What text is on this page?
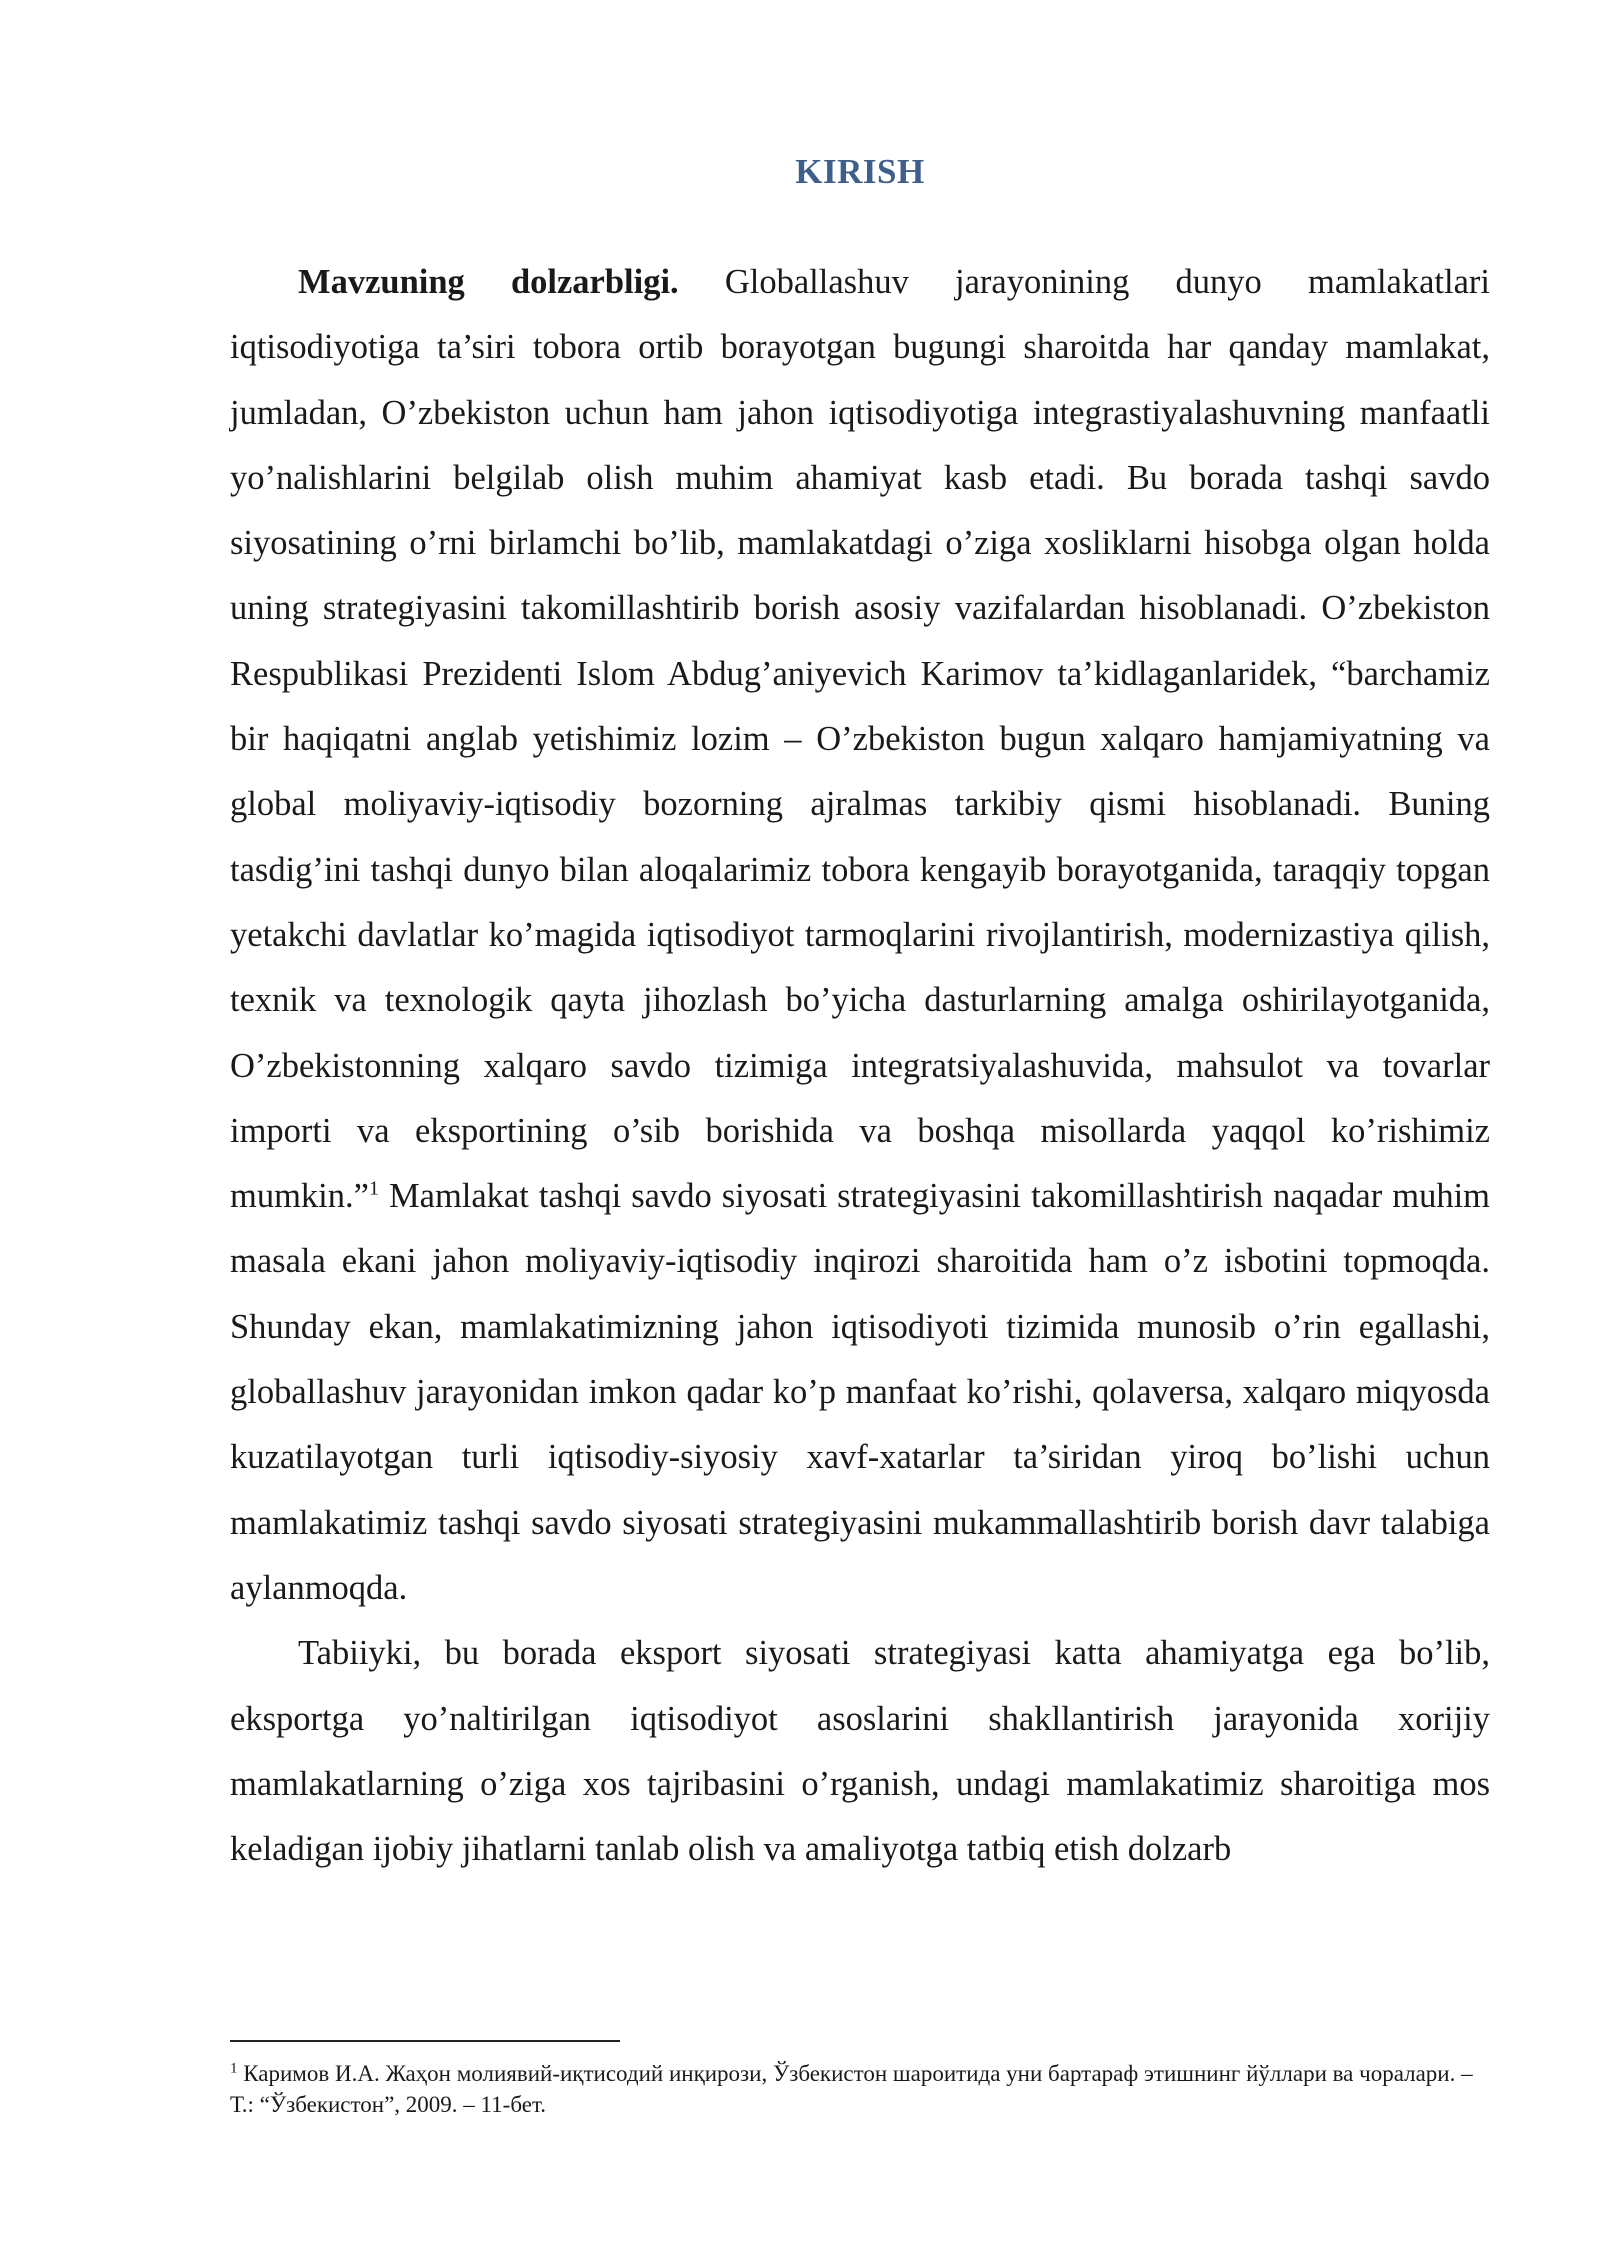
KIRISH

Mavzuning dolzarbligi. Globallashuv jarayonining dunyo mamlakatlari iqtisodiyotiga ta’siri tobora ortib borayotgan bugungi sharoitda har qanday mamlakat, jumladan, O’zbekiston uchun ham jahon iqtisodiyotiga integrastiyalashuvning manfaatli yo’nalishlarini belgilab olish muhim ahamiyat kasb etadi. Bu borada tashqi savdo siyosatining o’rni birlamchi bo’lib, mamlakatdagi o’ziga xosliklarni hisobga olgan holda uning strategiyasini takomillashtirib borish asosiy vazifalardan hisoblanadi. O’zbekiston Respublikasi Prezidenti Islom Abdug’aniyevich Karimov ta’kidlaganlaridek, “barchamiz bir haqiqatni anglab yetishimiz lozim – O’zbekiston bugun xalqaro hamjamiyatning va global moliyaviy-iqtisodiy bozorning ajralmas tarkibiy qismi hisoblanadi. Buning tasdig’ini tashqi dunyo bilan aloqalarimiz tobora kengayib borayotganida, taraqqiy topgan yetakchi davlatlar ko’magida iqtisodiyot tarmoqlarini rivojlantirish, modernizastiya qilish, texnik va texnologik qayta jihozlash bo’yicha dasturlarning amalga oshirilayotganida, O’zbekistonning xalqaro savdo tizimiga integratsiyalashuvida, mahsulot va tovarlar importi va eksportining o’sib borishida va boshqa misollarda yaqqol ko’rishimiz mumkin.”$^1$ Mamlakat tashqi savdo siyosati strategiyasini takomillashtirish naqadar muhim masala ekani jahon moliyaviy-iqtisodiy inqirozi sharoitida ham o’z isbotini topmoqda. Shunday ekan, mamlakatimizning jahon iqtisodiyoti tizimida munosib o’rin egallashi, globallashuv jarayonidan imkon qadar ko’p manfaat ko’rishi, qolaversa, xalqaro miqyosda kuzatilayotgan turli iqtisodiy-siyosiy xavf-xatarlar ta’siridan yiroq bo’lishi uchun mamlakatimiz tashqi savdo siyosati strategiyasini mukammallashtirib borish davr talabiga aylanmoqda.

Tabiiyki, bu borada eksport siyosati strategiyasi katta ahamiyatga ega bo’lib, eksportga yo’naltirilgan iqtisodiyot asoslarini shakllantirish jarayonida xorijiy mamlakatlarning o’ziga xos tajribasini o’rganish, undagi mamlakatimiz sharoitiga mos keladigan ijobiy jihatlarni tanlab olish va amaliyotga tatbiq etish dolzarb

$^1$ Каримов И.А. Жаҳон молиявий-иқтисодий инқирози, Ўзбекистон шароитида уни бартараф этишнинг йўллари ва чоралари. – Т.: “Ўзбекистон”, 2009. – 11-бет.
